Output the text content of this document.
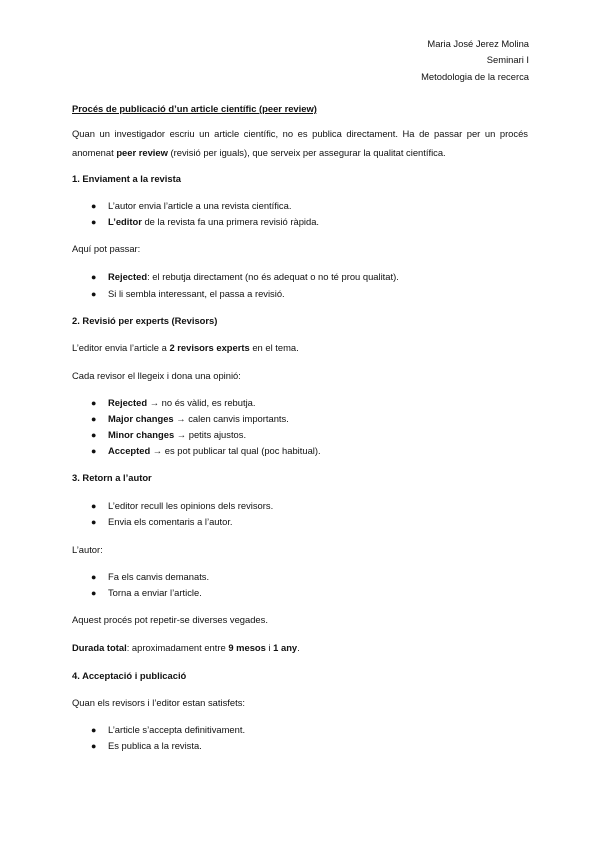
Maria José Jerez Molina
Seminari I
Metodologia de la recerca
Procés de publicació d’un article científic (peer review)
Quan un investigador escriu un article científic, no es publica directament. Ha de passar per un procés anomenat peer review (revisió per iguals), que serveix per assegurar la qualitat científica.
1. Enviament a la revista
● L’autor envia l’article a una revista científica.
● L’editor de la revista fa una primera revisió ràpida.
Aquí pot passar:
● Rejected: el rebutja directament (no és adequat o no té prou qualitat).
● Si li sembla interessant, el passa a revisió.
2. Revisió per experts (Revisors)
L’editor envia l’article a 2 revisors experts en el tema.
Cada revisor el llegeix i dona una opinió:
● Rejected → no és vàlid, es rebutja.
● Major changes → calen canvis importants.
● Minor changes → petits ajustos.
● Accepted → es pot publicar tal qual (poc habitual).
3. Retorn a l’autor
● L’editor recull les opinions dels revisors.
● Envia els comentaris a l’autor.
L’autor:
● Fa els canvis demanats.
● Torna a enviar l’article.
Aquest procés pot repetir-se diverses vegades.
Durada total: aproximadament entre 9 mesos i 1 any.
4. Acceptació i publicació
Quan els revisors i l’editor estan satisfets:
● L’article s’accepta definitivament.
● Es publica a la revista.
